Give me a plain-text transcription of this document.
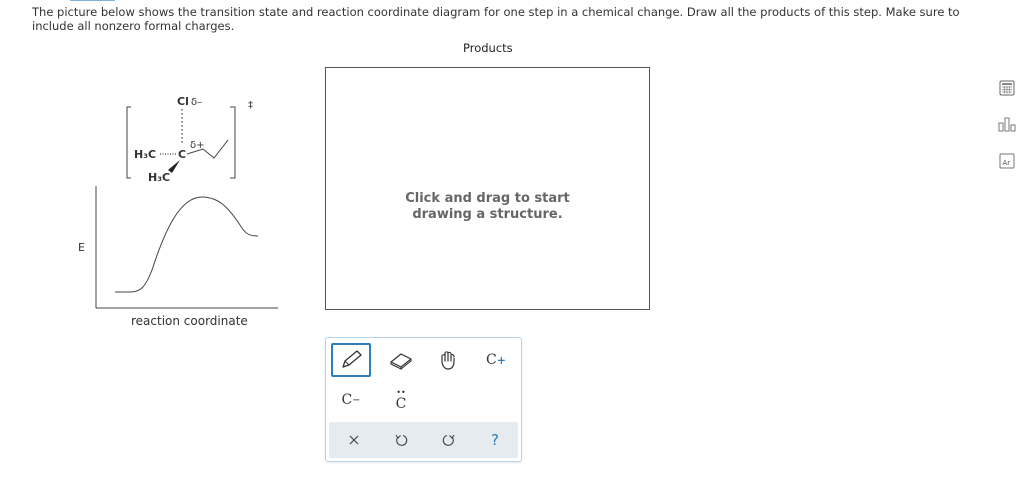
The picture below shows the transition state and reaction coordinate diagram for one step in a chemical change. Draw all the products of this step. Make sure to include all nonzero formal charges.
Products
Click and drag to start
drawing a structure.
‡
Cl δ–
C
δ+
H₃C
H₃C
E
reaction coordinate
C +
C −
••
C
?
Ar
